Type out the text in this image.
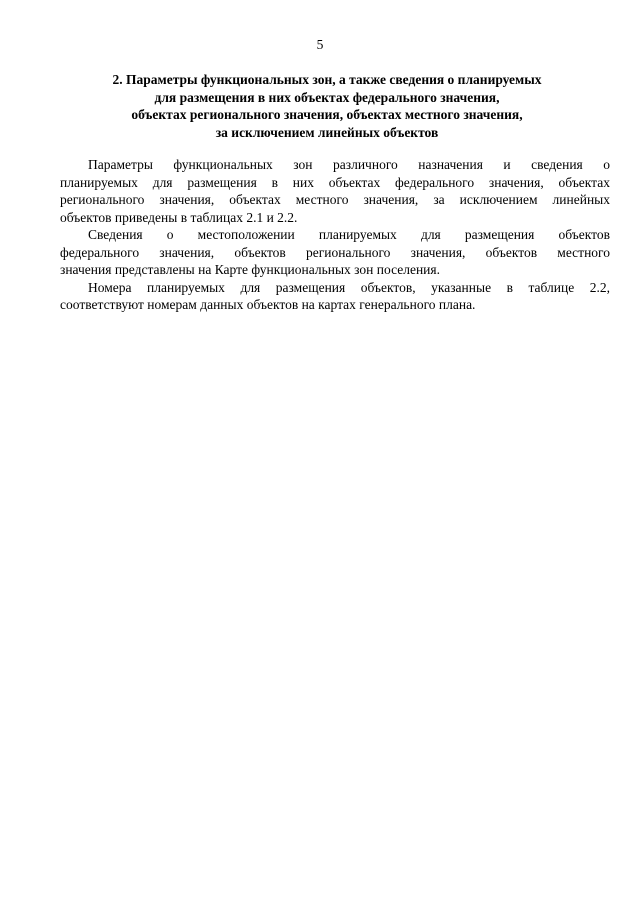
5
2. Параметры функциональных зон, а также сведения о планируемых
для размещения в них объектах федерального значения,
объектах регионального значения, объектах местного значения,
за исключением линейных объектов
Параметры функциональных зон различного назначения и сведения о
планируемых для размещения в них объектах федерального значения, объектах
регионального значения, объектах местного значения, за исключением линейных
объектов приведены в таблицах 2.1 и 2.2.
Сведения о местоположении планируемых для размещения объектов
федерального значения, объектов регионального значения, объектов местного
значения представлены на Карте функциональных зон поселения.
Номера планируемых для размещения объектов, указанные в таблице 2.2,
соответствуют номерам данных объектов на картах генерального плана.
